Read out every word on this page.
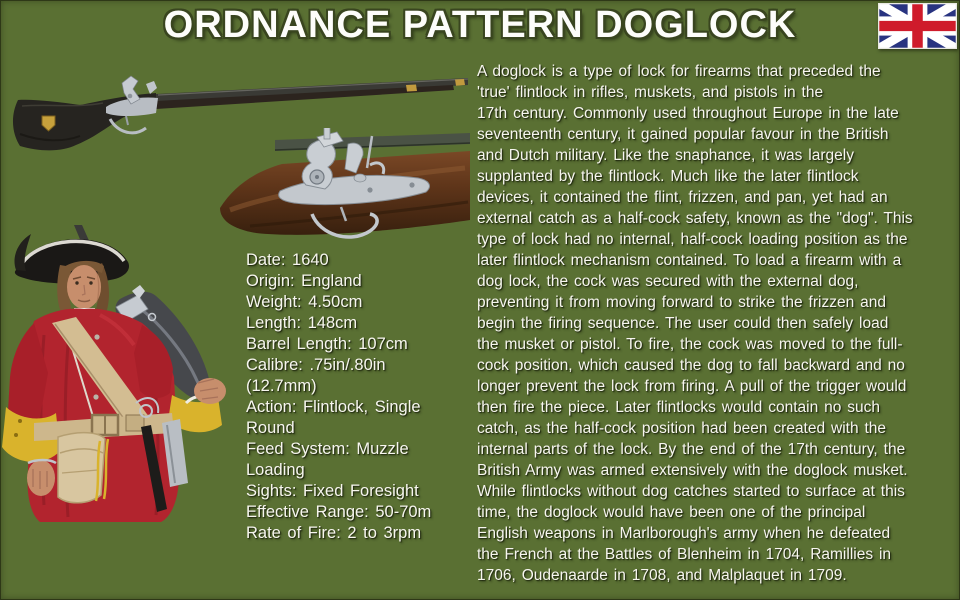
ORDNANCE PATTERN DOGLOCK
Date: 1640
Origin: England
Weight: 4.50cm
Length: 148cm
Barrel Length: 107cm
Calibre: .75in/.80in
(12.7mm)
Action: Flintlock, Single
Round
Feed System: Muzzle
Loading
Sights: Fixed Foresight
Effective Range: 50-70m
Rate of Fire: 2 to 3rpm
A doglock is a type of lock for firearms that preceded the
'true' flintlock in rifles, muskets, and pistols in the
17th century. Commonly used throughout Europe in the late
seventeenth century, it gained popular favour in the British
and Dutch military. Like the snaphance, it was largely
supplanted by the flintlock. Much like the later flintlock
devices, it contained the flint, frizzen, and pan, yet had an
external catch as a half-cock safety, known as the "dog". This
type of lock had no internal, half-cock loading position as the
later flintlock mechanism contained. To load a firearm with a
dog lock, the cock was secured with the external dog,
preventing it from moving forward to strike the frizzen and
begin the firing sequence. The user could then safely load
the musket or pistol. To fire, the cock was moved to the full-
cock position, which caused the dog to fall backward and no
longer prevent the lock from firing. A pull of the trigger would
then fire the piece. Later flintlocks would contain no such
catch, as the half-cock position had been created with the
internal parts of the lock. By the end of the 17th century, the
British Army was armed extensively with the doglock musket.
While flintlocks without dog catches started to surface at this
time, the doglock would have been one of the principal
English weapons in Marlborough's army when he defeated
the French at the Battles of Blenheim in 1704, Ramillies in
1706, Oudenaarde in 1708, and Malplaquet in 1709.
